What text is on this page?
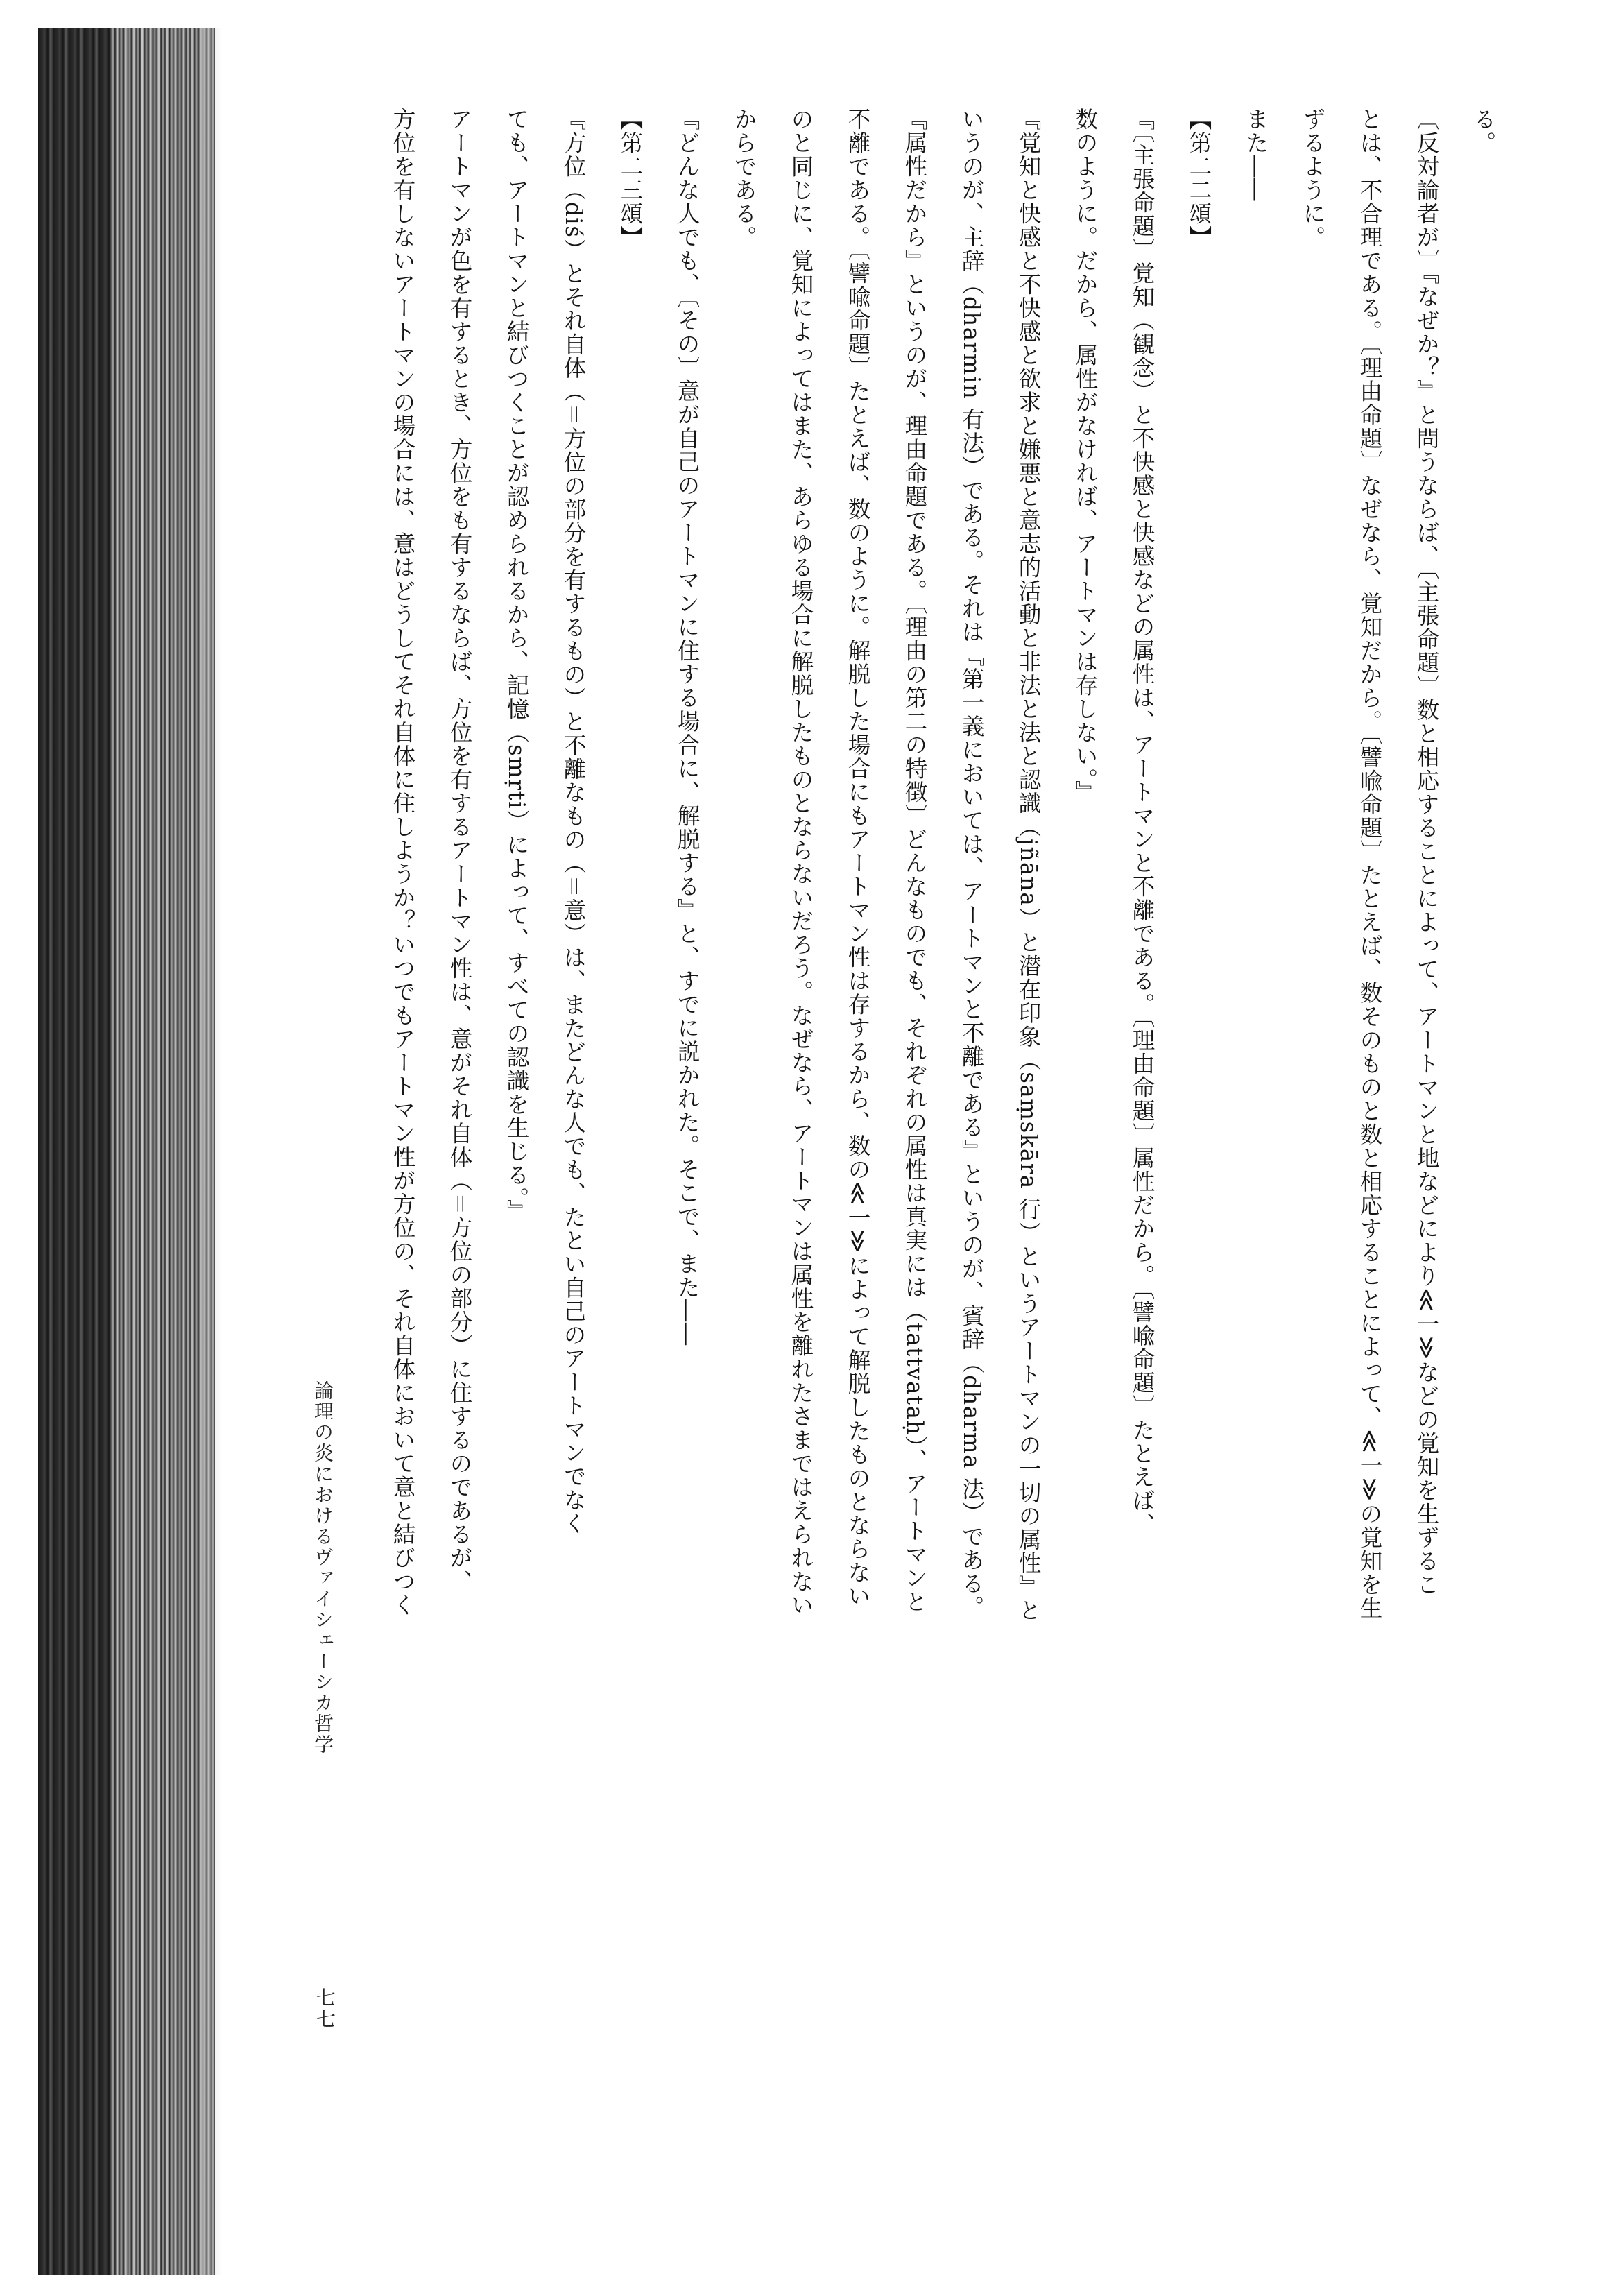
る。
〔反対論者が〕『なぜか？』と問うならば、〔主張命題〕数と相応することによって、アートマンと地などにより≪一≫などの覚知を生ずるこ
とは、不合理である。〔理由命題〕なぜなら、覚知だから。〔譬喩命題〕たとえば、数そのものと数と相応することによって、≪一≫の覚知を生
ずるように。
また――
【第二二頌】
『〔主張命題〕覚知（観念）と不快感と快感などの属性は、アートマンと不離である。〔理由命題〕属性だから。〔譬喩命題〕たとえば、
数のように。だから、属性がなければ、アートマンは存しない。』
『覚知と快感と不快感と欲求と嫌悪と意志的活動と非法と法と認識（jñāna）と潜在印象（saṃskāra 行）というアートマンの一切の属性』と
いうのが、主辞（dharmin 有法）である。それは『第一義においては、アートマンと不離である』というのが、賓辞（dharma 法）である。
『属性だから』というのが、理由命題である。〔理由の第二の特徴〕どんなものでも、それぞれの属性は真実には（tattvataḥ）、アートマンと
不離である。〔譬喩命題〕たとえば、数のように。解脱した場合にもアートマン性は存するから、数の≪一≫によって解脱したものとならない
のと同じに、覚知によってはまた、あらゆる場合に解脱したものとならないだろう。なぜなら、アートマンは属性を離れたさまではえられない
からである。
『どんな人でも、〔その〕意が自己のアートマンに住する場合に、解脱する』と、すでに説かれた。そこで、また――
【第二三頌】
『方位（diś）とそれ自体（＝方位の部分を有するもの）と不離なもの（＝意）は、またどんな人でも、たとい自己のアートマンでなく
ても、アートマンと結びつくことが認められるから、記憶（smṛti）によって、すべての認識を生じる。』
アートマンが色を有するとき、方位をも有するならば、方位を有するアートマン性は、意がそれ自体（＝方位の部分）に住するのであるが、
方位を有しないアートマンの場合には、意はどうしてそれ自体に住しようか？いつでもアートマン性が方位の、それ自体において意と結びつく
論理の炎におけるヴァイシェーシカ哲学
七七
